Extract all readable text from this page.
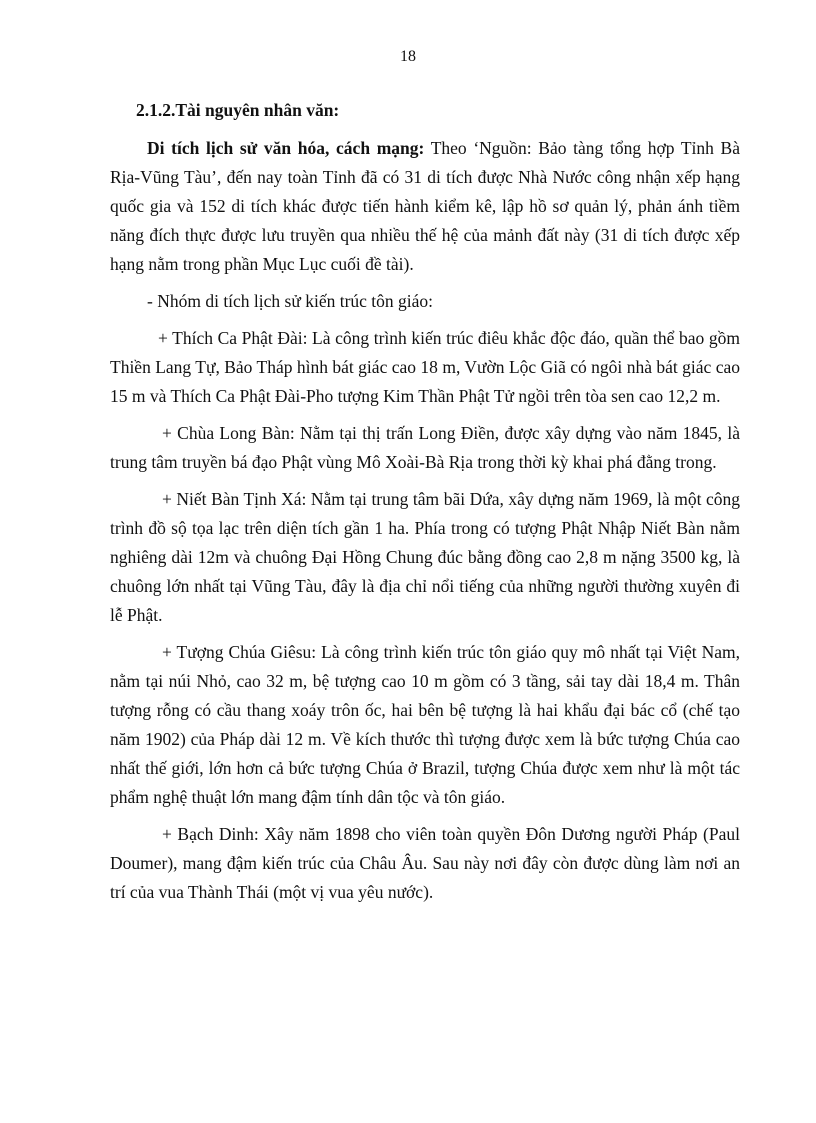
18
2.1.2.Tài nguyên nhân văn:

Di tích lịch sử văn hóa, cách mạng: Theo ‘Nguồn: Bảo tàng tổng hợp Tỉnh Bà Rịa-Vũng Tàu’, đến nay toàn Tỉnh đã có 31 di tích được Nhà Nước công nhận xếp hạng quốc gia và 152 di tích khác được tiến hành kiểm kê, lập hồ sơ quản lý, phản ánh tiềm năng đích thực được lưu truyền qua nhiều thế hệ của mảnh đất này (31 di tích được xếp hạng nằm trong phần Mục Lục cuối đề tài).

- Nhóm di tích lịch sử kiến trúc tôn giáo:

+ Thích Ca Phật Đài: Là công trình kiến trúc điêu khắc độc đáo, quần thể bao gồm Thiền Lang Tự, Bảo Tháp hình bát giác cao 18 m, Vườn Lộc Giã có ngôi nhà bát giác cao 15 m và Thích Ca Phật Đài-Pho tượng Kim Thần Phật Tử ngồi trên tòa sen cao 12,2 m.

+ Chùa Long Bàn: Nằm tại thị trấn Long Điền, được xây dựng vào năm 1845, là trung tâm truyền bá đạo Phật vùng Mô Xoài-Bà Rịa trong thời kỳ khai phá đằng trong.

+ Niết Bàn Tịnh Xá: Nằm tại trung tâm bãi Dứa, xây dựng năm 1969, là một công trình đồ sộ tọa lạc trên diện tích gần 1 ha. Phía trong có tượng Phật Nhập Niết Bàn nằm nghiêng dài 12m và chuông Đại Hồng Chung đúc bằng đồng cao 2,8 m nặng 3500 kg, là chuông lớn nhất tại Vũng Tàu, đây là địa chỉ nổi tiếng của những người thường xuyên đi lễ Phật.

+ Tượng Chúa Giêsu: Là công trình kiến trúc tôn giáo quy mô nhất tại Việt Nam, nằm tại núi Nhỏ, cao 32 m, bệ tượng cao 10 m gồm có 3 tầng, sải tay dài 18,4 m. Thân tượng rỗng có cầu thang xoáy trôn ốc, hai bên bệ tượng là hai khẩu đại bác cổ (chế tạo năm 1902) của Pháp dài 12 m. Về kích thước thì tượng được xem là bức tượng Chúa cao nhất thế giới, lớn hơn cả bức tượng Chúa ở Brazil, tượng Chúa được xem như là một tác phẩm nghệ thuật lớn mang đậm tính dân tộc và tôn giáo.

+ Bạch Dinh: Xây năm 1898 cho viên toàn quyền Đôn Dương người Pháp (Paul Doumer), mang đậm kiến trúc của Châu Âu. Sau này nơi đây còn được dùng làm nơi an trí của vua Thành Thái (một vị vua yêu nước).
